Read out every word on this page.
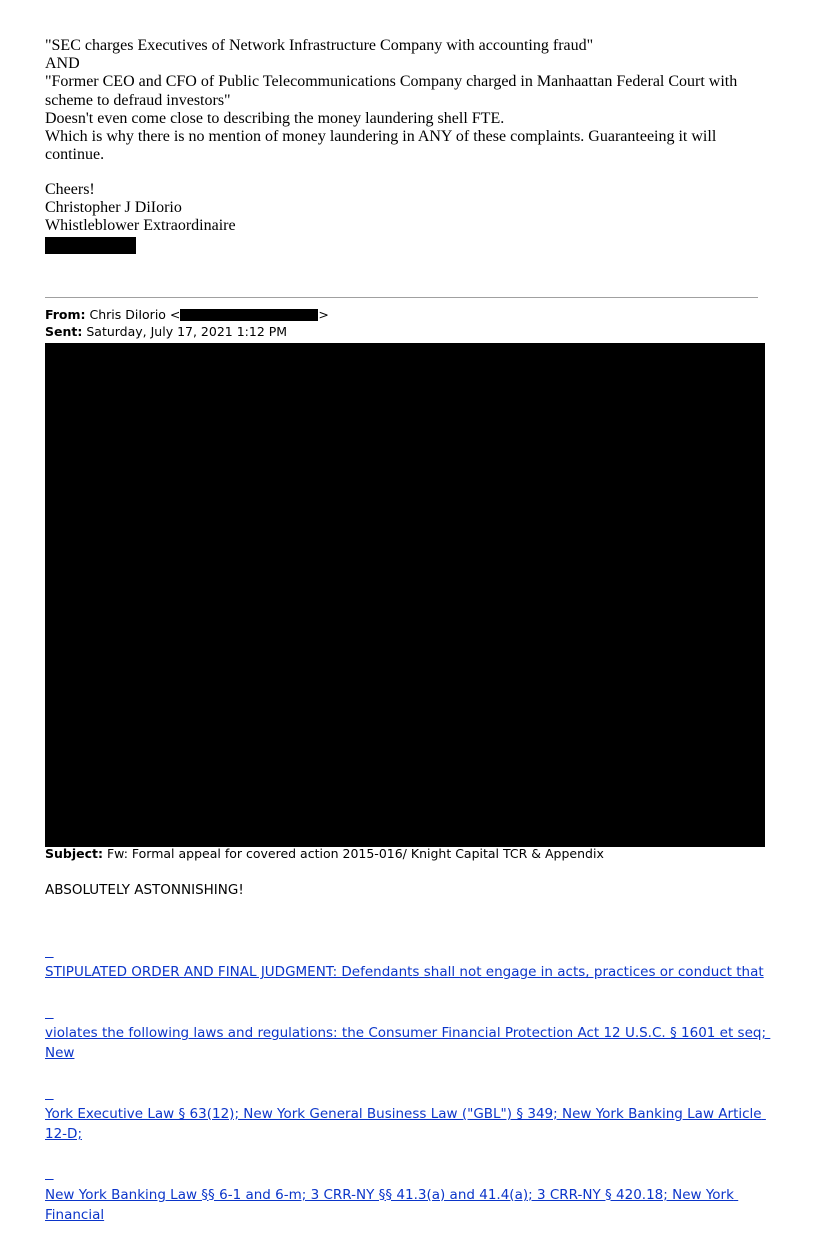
"SEC charges Executives of Network Infrastructure Company with accounting fraud"
AND
"Former CEO and CFO of Public Telecommunications Company charged in Manhaattan Federal Court with
scheme to defraud investors"
Doesn't even come close to describing the money laundering shell FTE.
Which is why there is no mention of money laundering in ANY of these complaints. Guaranteeing it will
continue.
Cheers!
Christopher J DiIorio
Whistleblower Extraordinaire
From: Chris DiIorio <	>
Sent: Saturday, July 17, 2021 1:12 PM
Subject: Fw: Formal appeal for covered action 2015-016/ Knight Capital TCR & Appendix
ABSOLUTELY ASTONNISHING!

STIPULATED ORDER AND FINAL JUDGMENT: Defendants shall not engage in acts, practices or conduct that

violates the following laws and regulations: the Consumer Financial Protection Act 12 U.S.C. § 1601 et seq; New

York Executive Law § 63(12); New York General Business Law ("GBL") § 349; New York Banking Law Article 12-D;

New York Banking Law §§ 6-1 and 6-m; 3 CRR-NY §§ 41.3(a) and 41.4(a); 3 CRR-NY § 420.18; New York Financial
